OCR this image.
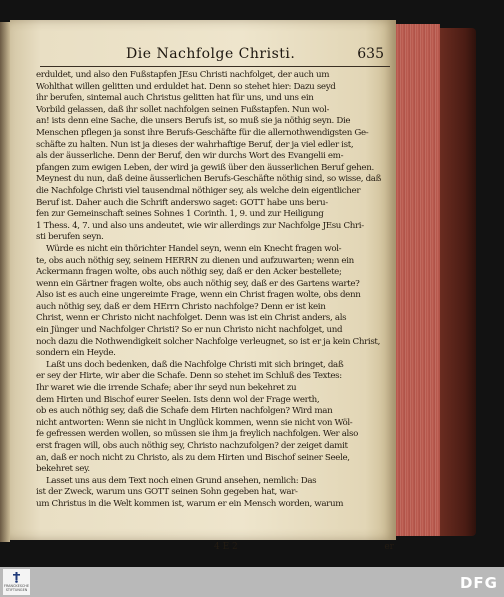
Die Nachfolge Christi.	635
erduldet, und also den Fußstapfen JEsu Christi nachfolget, der auch um
Wohlthat willen gelitten und erduldet hat. Denn so stehet hier: Dazu seyd
ihr berufen, sintemal auch Christus gelitten hat für uns, und uns ein
Vorbild gelassen, daß ihr sollet nachfolgen seinen Fußstapfen. Nun wol-
an! ists denn eine Sache, die unsers Berufs ist, so muß sie ja nöthig seyn. Die
Menschen pflegen ja sonst ihre Berufs-Geschäfte für die allernothwendigsten Ge-
schäfte zu halten. Nun ist ja dieses der wahrhaftige Beruf, der ja viel edler ist,
als der äusserliche. Denn der Beruf, den wir durchs Wort des Evangelii em-
pfangen zum ewigen Leben, der wird ja gewiß über den äusserlichen Beruf gehen.
Meynest du nun, daß deine äusserlichen Berufs-Geschäfte nöthig sind, so wisse, daß
die Nachfolge Christi viel tausendmal nöthiger sey, als welche dein eigentlicher
Beruf ist. Daher auch die Schrift anderswo saget: GOTT habe uns beru-
fen zur Gemeinschaft seines Sohnes 1 Corinth. 1, 9. und zur Heiligung
1 Thess. 4, 7. und also uns andeutet, wie wir allerdings zur Nachfolge JEsu Chri-
sti berufen seyn.
Würde es nicht ein thörichter Handel seyn, wenn ein Knecht fragen wol-
te, obs auch nöthig sey, seinem HERRN zu dienen und aufzuwarten; wenn ein
Ackermann fragen wolte, obs auch nöthig sey, daß er den Acker bestellete;
wenn ein Gärtner fragen wolte, obs auch nöthig sey, daß er des Gartens warte?
Also ist es auch eine ungereimte Frage, wenn ein Christ fragen wolte, obs denn
auch nöthig sey, daß er dem HErrn Christo nachfolge? Denn er ist kein
Christ, wenn er Christo nicht nachfolget. Denn was ist ein Christ anders, als
ein Jünger und Nachfolger Christi? So er nun Christo nicht nachfolget, und
noch dazu die Nothwendigkeit solcher Nachfolge verleugnet, so ist er ja kein Christ,
sondern ein Heyde.
Laßt uns doch bedenken, daß die Nachfolge Christi mit sich bringet, daß
er sey der Hirte, wir aber die Schafe. Denn so stehet im Schluß des Textes:
Ihr waret wie die irrende Schafe; aber ihr seyd nun bekehret zu
dem Hirten und Bischof eurer Seelen. Ists denn wol der Frage werth,
ob es auch nöthig sey, daß die Schafe dem Hirten nachfolgen? Wird man
nicht antworten: Wenn sie nicht in Unglück kommen, wenn sie nicht von Wöl-
fe gefressen werden wollen, so müssen sie ihm ja freylich nachfolgen. Wer also
erst fragen will, obs auch nöthig sey, Christo nachzufolgen? der zeiget damit
an, daß er noch nicht zu Christo, als zu dem Hirten und Bischof seiner Seele,
bekehret sey.
Lasset uns aus dem Text noch einen Grund ansehen, nemlich: Das
ist der Zweck, warum uns GOTT seinen Sohn gegeben hat, war-
um Christus in die Welt kommen ist, warum er ein Mensch worden, warum
4 E 2	er
FRANCKESCHE
STIFTUNGEN	DFG
